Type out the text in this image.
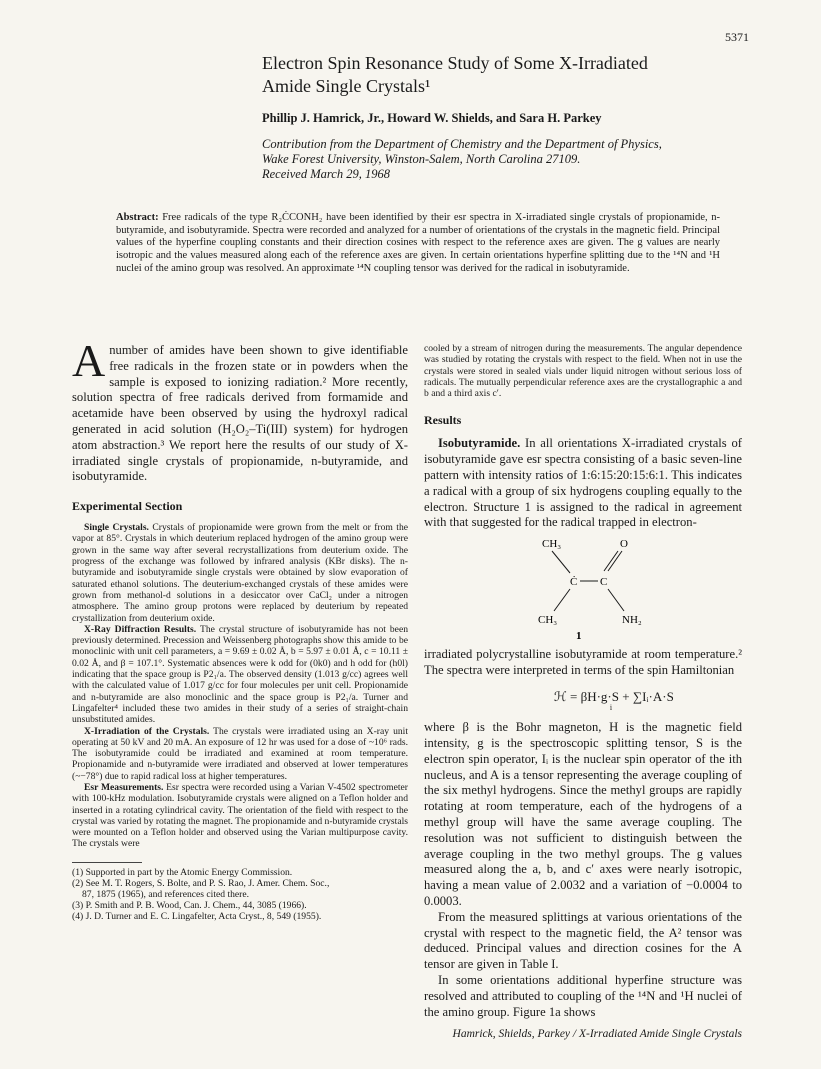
5371
Electron Spin Resonance Study of Some X-Irradiated
Amide Single Crystals¹
Phillip J. Hamrick, Jr., Howard W. Shields, and Sara H. Parkey
Contribution from the Department of Chemistry and the Department of Physics,
Wake Forest University, Winston-Salem, North Carolina 27109.
Received March 29, 1968
Abstract: Free radicals of the type R₂ĊCONH₂ have been identified by their esr spectra in X-irradiated single crystals of propionamide, n-butyramide, and isobutyramide. Spectra were recorded and analyzed for a number of orientations of the crystals in the magnetic field. Principal values of the hyperfine coupling constants and their direction cosines with respect to the reference axes are given. The g values are nearly isotropic and the values measured along each of the reference axes are given. In certain orientations hyperfine splitting due to the ¹⁴N and ¹H nuclei of the amino group was resolved. An approximate ¹⁴N coupling tensor was derived for the radical in isobutyramide.
A number of amides have been shown to give identifiable free radicals in the frozen state or in powders when the sample is exposed to ionizing radiation.² More recently, solution spectra of free radicals derived from formamide and acetamide have been observed by using the hydroxyl radical generated in acid solution (H₂O₂–Ti(III) system) for hydrogen atom abstraction.³ We report here the results of our study of X-irradiated single crystals of propionamide, n-butyramide, and isobutyramide.
Experimental Section

Single Crystals. Crystals of propionamide were grown from the melt or from the vapor at 85°. Crystals in which deuterium replaced hydrogen of the amino group were grown in the same way after several recrystallizations from deuterium oxide. The progress of the exchange was followed by infrared analysis (KBr disks). The n-butyramide and isobutyramide single crystals were obtained by slow evaporation of saturated ethanol solutions. The deuterium-exchanged crystals of these amides were grown from methanol-d solutions in a desiccator over CaCl₂ under a nitrogen atmosphere. The amino group protons were replaced by deuterium by repeated crystallization from deuterium oxide.

X-Ray Diffraction Results. The crystal structure of isobutyramide has not been previously determined. Precession and Weissenberg photographs show this amide to be monoclinic with unit cell parameters, a = 9.69 ± 0.02 Å, b = 5.97 ± 0.01 Å, c = 10.11 ± 0.02 Å, and β = 107.1°. Systematic absences were k odd for (0k0) and h odd for (h0l) indicating that the space group is P2₁/a. The observed density (1.013 g/cc) agrees well with the calculated value of 1.017 g/cc for four molecules per unit cell. Propionamide and n-butyramide are also monoclinic and the space group is P2₁/a. Turner and Lingafelter⁴ included these two amides in their study of a series of straight-chain unsubstituted amides.

X-Irradiation of the Crystals. The crystals were irradiated using an X-ray unit operating at 50 kV and 20 mA. An exposure of 12 hr was used for a dose of ~10⁶ rads. The isobutyramide could be irradiated and examined at room temperature. Propionamide and n-butyramide were irradiated and observed at lower temperatures (~−78°) due to rapid radical loss at higher temperatures.

Esr Measurements. Esr spectra were recorded using a Varian V-4502 spectrometer with 100-kHz modulation. Isobutyramide crystals were aligned on a Teflon holder and inserted in a rotating cylindrical cavity. The orientation of the field with respect to the crystal was varied by rotating the magnet. The propionamide and n-butyramide crystals were mounted on a Teflon holder and observed using the Varian multipurpose cavity. The crystals were

(1) Supported in part by the Atomic Energy Commission.
(2) See M. T. Rogers, S. Bolte, and P. S. Rao, J. Amer. Chem. Soc.,
87, 1875 (1965), and references cited there.
(3) P. Smith and P. B. Wood, Can. J. Chem., 44, 3085 (1966).
(4) J. D. Turner and E. C. Lingafelter, Acta Cryst., 8, 549 (1955).

cooled by a stream of nitrogen during the measurements. The angular dependence was studied by rotating the crystals with respect to the field. When not in use the crystals were stored in sealed vials under liquid nitrogen without serious loss of radicals. The mutually perpendicular reference axes are the crystallographic a and b and a third axis c′.

Results

Isobutyramide. In all orientations X-irradiated crystals of isobutyramide gave esr spectra consisting of a basic seven-line pattern with intensity ratios of 1:6:15:20:15:6:1. This indicates a radical with a group of six hydrogens coupling equally to the electron. Structure 1 is assigned to the radical in agreement with that suggested for the radical trapped in electron-

CH₃	O
Ċ C
CH₃	NH₂
1

irradiated polycrystalline isobutyramide at room temperature.² The spectra were interpreted in terms of the spin Hamiltonian

ℋ = $\beta H\cdot g\cdot S + \sum Iᵢ\cdot A\cdot S_i$

where β is the Bohr magneton, H is the magnetic field intensity, g is the spectroscopic splitting tensor, S is the electron spin operator, Iᵢ is the nuclear spin operator of the ith nucleus, and A is a tensor representing the average coupling of the six methyl hydrogens. Since the methyl groups are rapidly rotating at room temperature, each of the hydrogens of a methyl group will have the same average coupling. The resolution was not sufficient to distinguish between the average coupling in the two methyl groups. The g values measured along the a, b, and c′ axes were nearly isotropic, having a mean value of 2.0032 and a variation of −0.0004 to 0.0003.

From the measured splittings at various orientations of the crystal with respect to the magnetic field, the A² tensor was deduced. Principal values and direction cosines for the A tensor are given in Table I.

In some orientations additional hyperfine structure was resolved and attributed to coupling of the ¹⁴N and ¹H nuclei of the amino group. Figure 1a shows

Hamrick, Shields, Parkey / X-Irradiated Amide Single Crystals
